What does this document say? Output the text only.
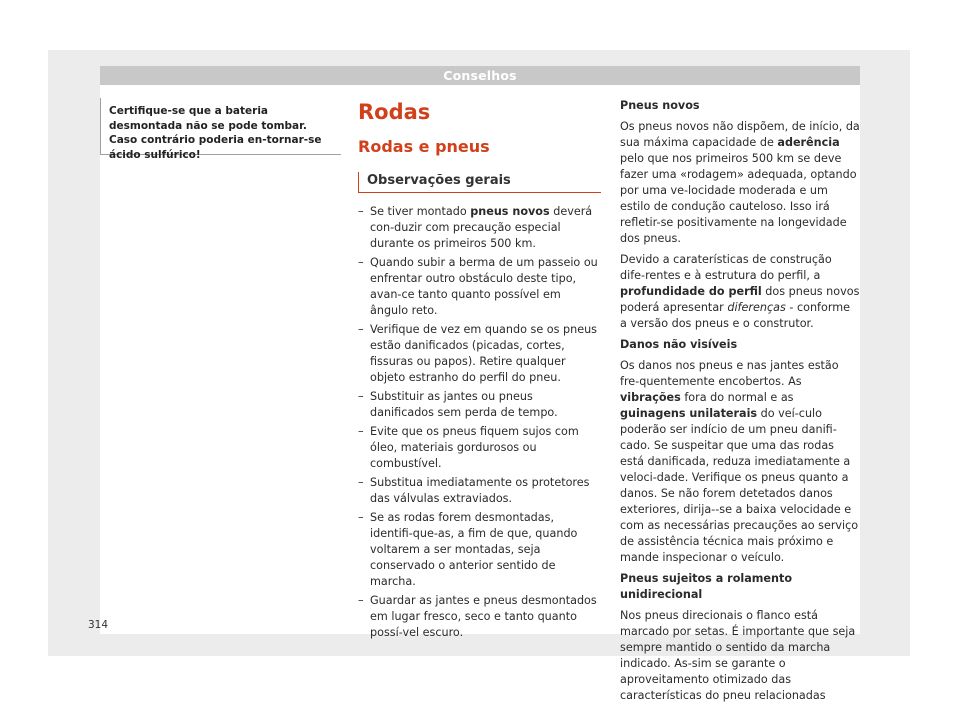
Conselhos
Certifique-se que a bateria desmontada não se pode tombar. Caso contrário poderia en-tornar-se ácido sulfúrico!
Rodas
Rodas e pneus
Observações gerais
– Se tiver montado pneus novos deverá con-duzir com precaução especial durante os primeiros 500 km.
– Quando subir a berma de um passeio ou enfrentar outro obstáculo deste tipo, avan-ce tanto quanto possível em ângulo reto.
– Verifique de vez em quando se os pneus estão danificados (picadas, cortes, fissuras ou papos). Retire qualquer objeto estranho do perfil do pneu.
– Substituir as jantes ou pneus danificados sem perda de tempo.
– Evite que os pneus fiquem sujos com óleo, materiais gordurosos ou combustível.
– Substitua imediatamente os protetores das válvulas extraviados.
– Se as rodas forem desmontadas, identifi-que-as, a fim de que, quando voltarem a ser montadas, seja conservado o anterior sentido de marcha.
– Guardar as jantes e pneus desmontados em lugar fresco, seco e tanto quanto possí-vel escuro.

Pneus novos

Os pneus novos não dispõem, de início, da sua máxima capacidade de aderência pelo que nos primeiros 500 km se deve fazer uma «rodagem» adequada, optando por uma ve-locidade moderada e um estilo de condução cauteloso. Isso irá refletir-se positivamente na longevidade dos pneus.

Devido a caraterísticas de construção dife-rentes e à estrutura do perfil, a profundidade do perfil dos pneus novos poderá apresentar diferenças - conforme a versão dos pneus e o construtor.

Danos não visíveis

Os danos nos pneus e nas jantes estão fre-quentemente encobertos. As vibrações fora do normal e as guinagens unilaterais do veí-culo poderão ser indício de um pneu danifi-cado. Se suspeitar que uma das rodas está danificada, reduza imediatamente a veloci-dade. Verifique os pneus quanto a danos. Se não forem detetados danos exteriores, dirija--se a baixa velocidade e com as necessárias precauções ao serviço de assistência técnica mais próximo e mande inspecionar o veículo.

Pneus sujeitos a rolamento unidirecional

Nos pneus direcionais o flanco está marcado por setas. É importante que seja sempre mantido o sentido da marcha indicado. As-sim se garante o aproveitamento otimizado das características do pneu relacionadas

314
